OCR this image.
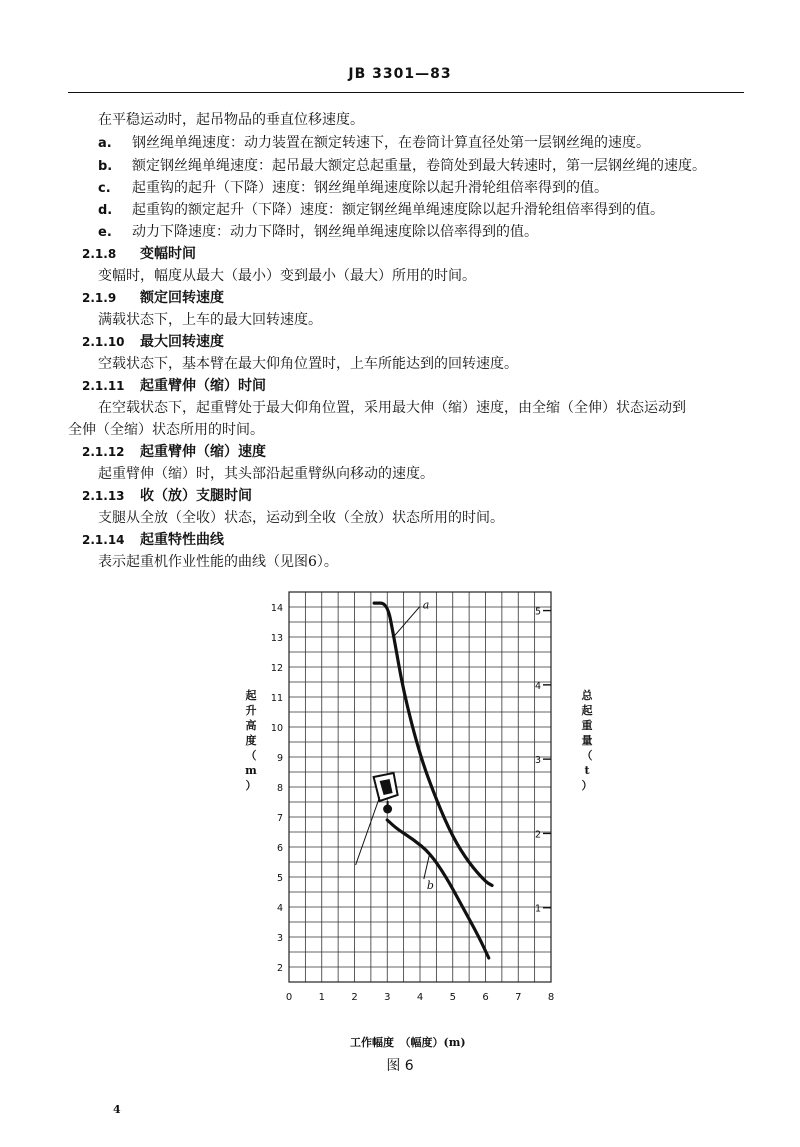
JB 3301—83
在平稳运动时，起吊物品的垂直位移速度。
a. 钢丝绳单绳速度：动力装置在额定转速下，在卷筒计算直径处第一层钢丝绳的速度。
b. 额定钢丝绳单绳速度：起吊最大额定总起重量，卷筒处到最大转速时，第一层钢丝绳的速度。
c. 起重钩的起升（下降）速度：钢丝绳单绳速度除以起升滑轮组倍率得到的值。
d. 起重钩的额定起升（下降）速度：额定钢丝绳单绳速度除以起升滑轮组倍率得到的值。
e. 动力下降速度：动力下降时，钢丝绳单绳速度除以倍率得到的值。
2.1.8 变幅时间
变幅时，幅度从最大（最小）变到最小（最大）所用的时间。
2.1.9 额定回转速度
满载状态下，上车的最大回转速度。
2.1.10 最大回转速度
空载状态下，基本臂在最大仰角位置时，上车所能达到的回转速度。
2.1.11 起重臂伸（缩）时间
在空载状态下，起重臂处于最大仰角位置，采用最大伸（缩）速度，由全缩（全伸）状态运动到
全伸（全缩）状态所用的时间。
2.1.12 起重臂伸（缩）速度
起重臂伸（缩）时，其头部沿起重臂纵向移动的速度。
2.1.13 收（放）支腿时间
支腿从全放（全收）状态，运动到全收（全放）状态所用的时间。
2.1.14 起重特性曲线
表示起重机作业性能的曲线（见图6）。
起
升
高
度
（
m
）
总
起
重
量
（
t
）
0	1	2	3	4	5	6	7	8
2
3
4
5
6
7
8
9
10
11
12
13
14
1
2
3
4
5
a
b
工作幅度　（幅度）(m)
图 6
4
